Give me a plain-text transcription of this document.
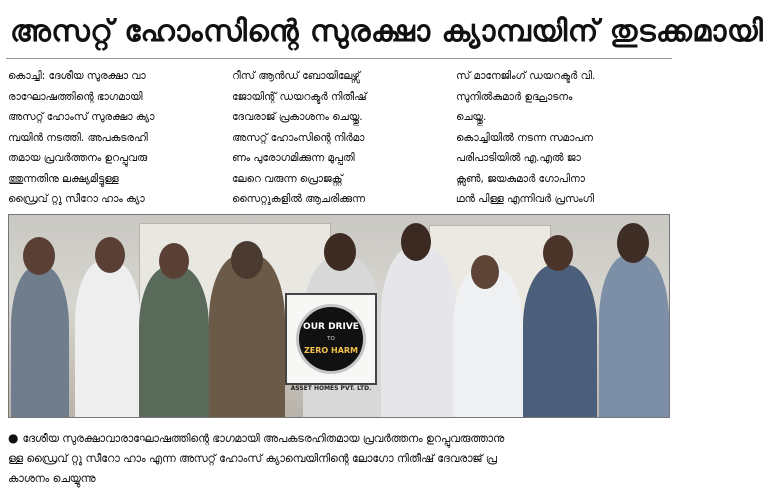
അസറ്റ് ഹോംസിന്റെ സുരക്ഷാ ക്യാമ്പയിന് തുടക്കമായി
കൊച്ചി: ദേശീയ സുരക്ഷാ വാ
രാഘോഷത്തിന്റെ ഭാഗമായി
അസറ്റ് ഹോംസ് സുരക്ഷാ ക്യാ
മ്പയിൻ നടത്തി. അപകടരഹി
തമായ പ്രവർത്തനം ഉറപ്പുവരു
ത്തുന്നതിനു ലക്ഷ്യമിട്ടുള്ള
ഡ്രൈവ് റ്റു സീറോ ഹാം ക്യാ
റീസ് ആൻഡ് ബോയിലേഴ്സ്
ജോയിന്റ് ഡയറക്ടർ നിതീഷ്
ദേവരാജ് പ്രകാശനം ചെയ്തു.
അസറ്റ് ഹോംസിന്റെ നിർമാ
ണം പുരോഗമിക്കുന്ന മുപ്പതി
ലേറെ വരുന്ന പ്രൊജക്റ്റ്
സൈറ്റുകളിൽ ആചരിക്കുന്ന
സ് മാനേജിംഗ് ഡയറക്ടർ വി.
സുനിൽകുമാർ ഉദ്ഘാടനം
ചെയ്തു.
കൊച്ചിയിൽ നടന്ന സമാപന
പരിപാടിയിൽ എ.എൽ ജാ
ക്സൺ, ജയകുമാർ ഗോപിനാ
ഥൻ പിള്ള എന്നിവർ പ്രസംഗി
OUR DRIVE
TO
ZERO HARM
ASSET HOMES PVT. LTD.
● ദേശീയ സുരക്ഷാവാരാഘോഷത്തിന്റെ ഭാഗമായി അപകടരഹിതമായ പ്രവർത്തനം ഉറപ്പുവരുത്താനു
ള്ള ഡ്രൈവ് റ്റു സീറോ ഹാം എന്ന അസറ്റ് ഹോംസ് ക്യാമ്പെയിനിന്റെ ലോഗോ നിതീഷ് ദേവരാജ് പ്ര
കാശനം ചെയ്യുന്നു
